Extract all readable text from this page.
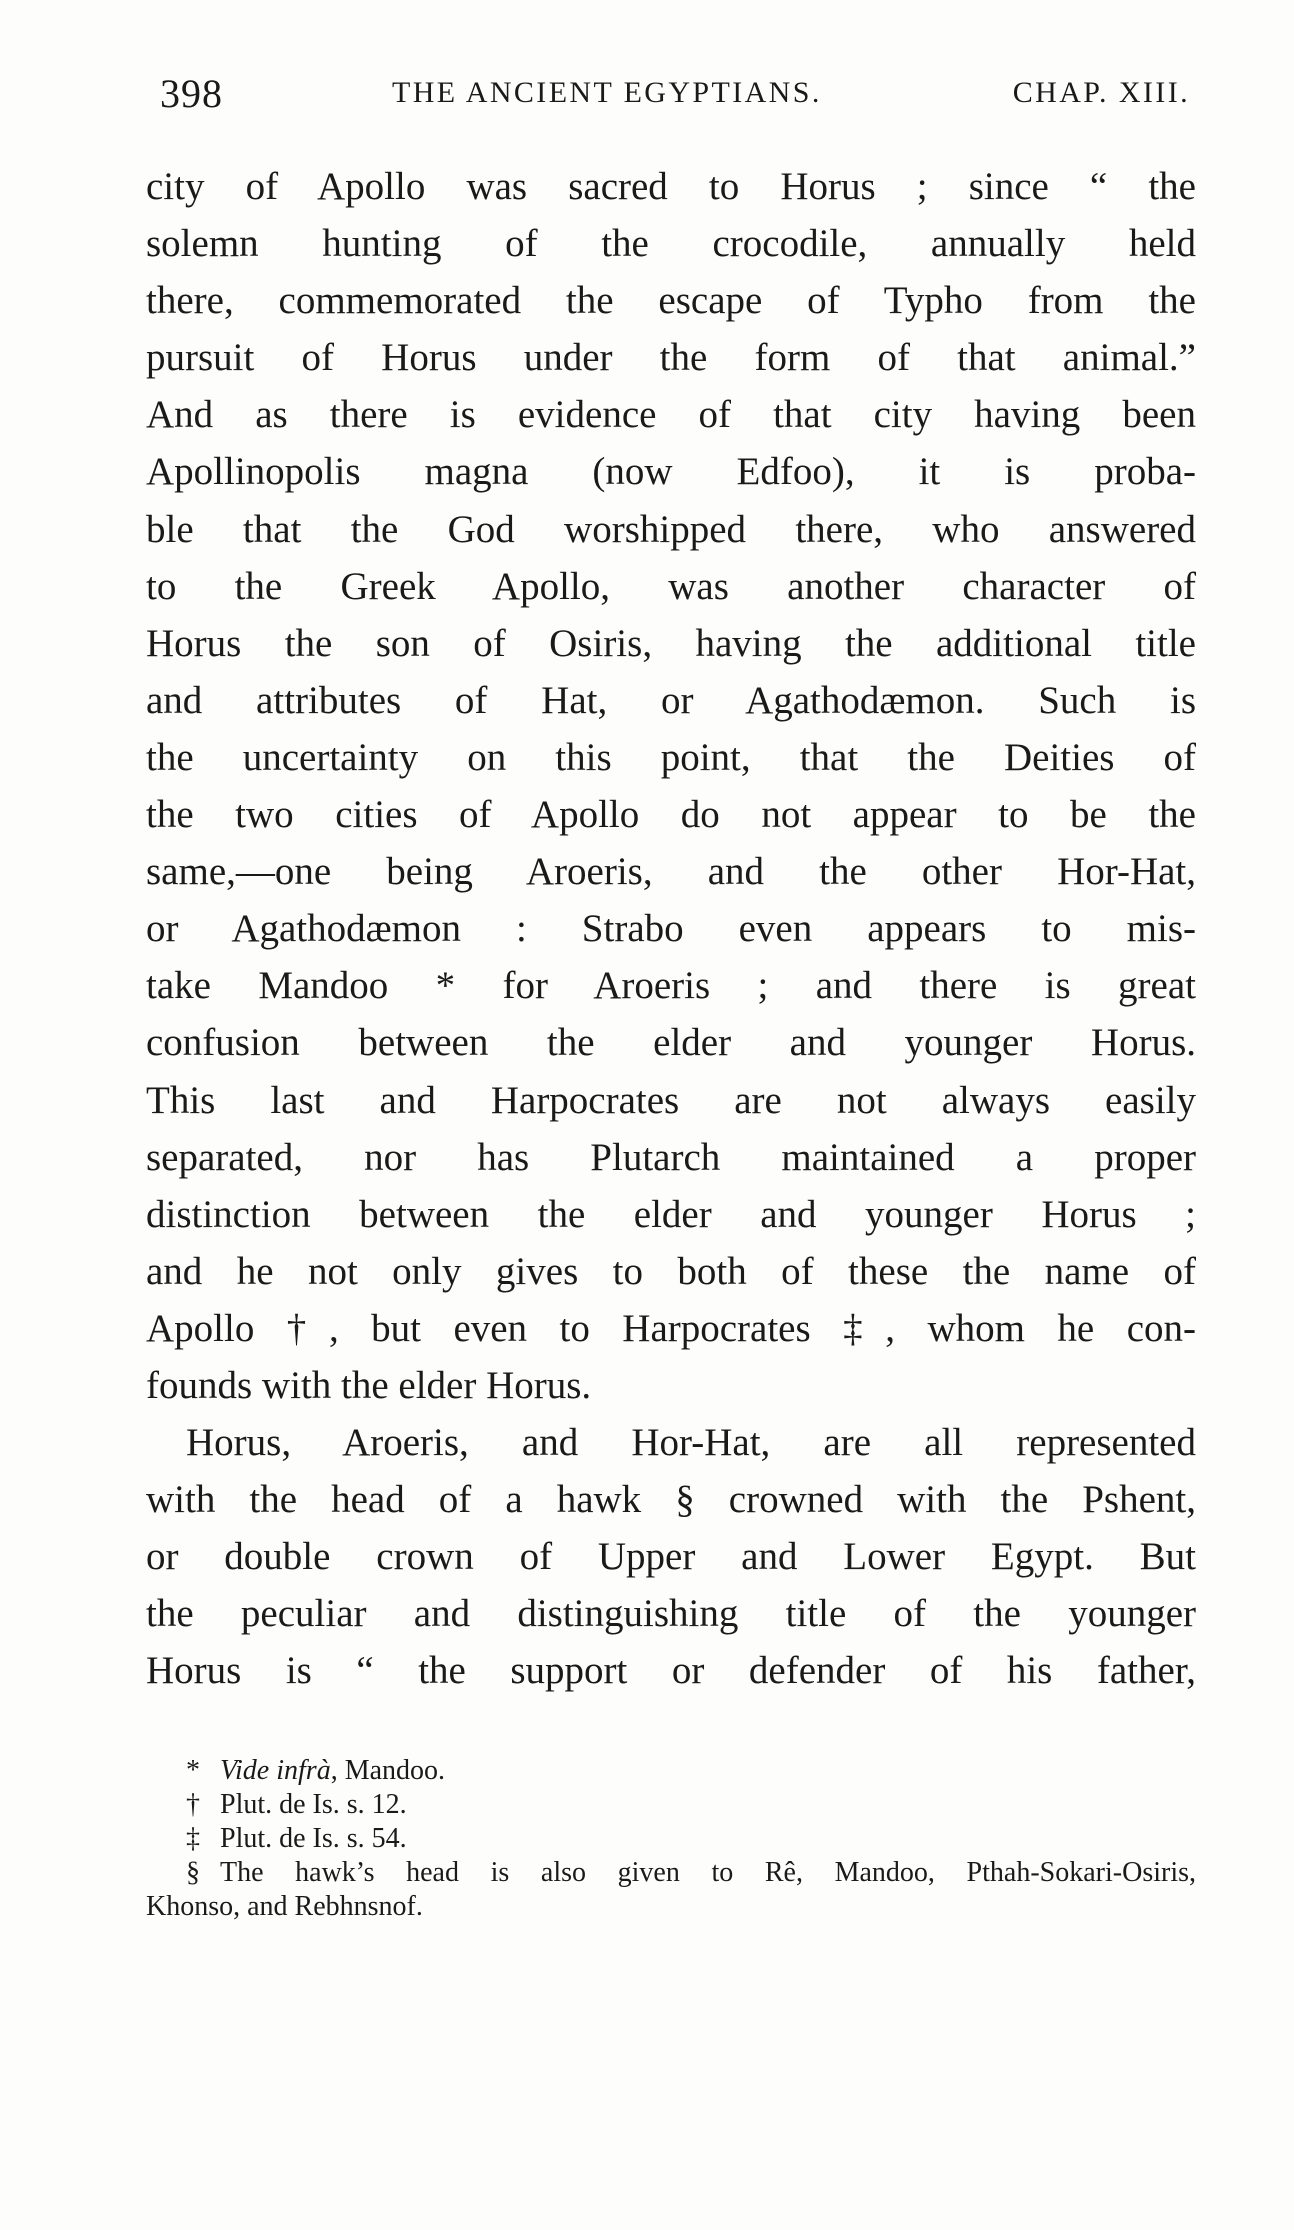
398	THE ANCIENT EGYPTIANS.	CHAP. XIII.
city of Apollo was sacred to Horus ; since “ the
solemn hunting of the crocodile, annually held
there, commemorated the escape of Typho from the
pursuit of Horus under the form of that animal.”
And as there is evidence of that city having been
Apollinopolis magna (now Edfoo), it is proba-
ble that the God worshipped there, who answered
to the Greek Apollo, was another character of
Horus the son of Osiris, having the additional title
and attributes of Hat, or Agathodæmon. Such is
the uncertainty on this point, that the Deities of
the two cities of Apollo do not appear to be the
same,—one being Aroeris, and the other Hor-Hat,
or Agathodæmon : Strabo even appears to mis-
take Mandoo * for Aroeris ; and there is great
confusion between the elder and younger Horus.
This last and Harpocrates are not always easily
separated, nor has Plutarch maintained a proper
distinction between the elder and younger Horus ;
and he not only gives to both of these the name of
Apollo †, but even to Harpocrates ‡, whom he con-
founds with the elder Horus.
Horus, Aroeris, and Hor-Hat, are all represented
with the head of a hawk § crowned with the Pshent,
or double crown of Upper and Lower Egypt. But
the peculiar and distinguishing title of the younger
Horus is “ the support or defender of his father,
* Vide infrà, Mandoo.
† Plut. de Is. s. 12.
‡ Plut. de Is. s. 54.
§ The hawk’s head is also given to Rê, Mandoo, Pthah-Sokari-Osiris,
Khonso, and Rebhnsnof.
